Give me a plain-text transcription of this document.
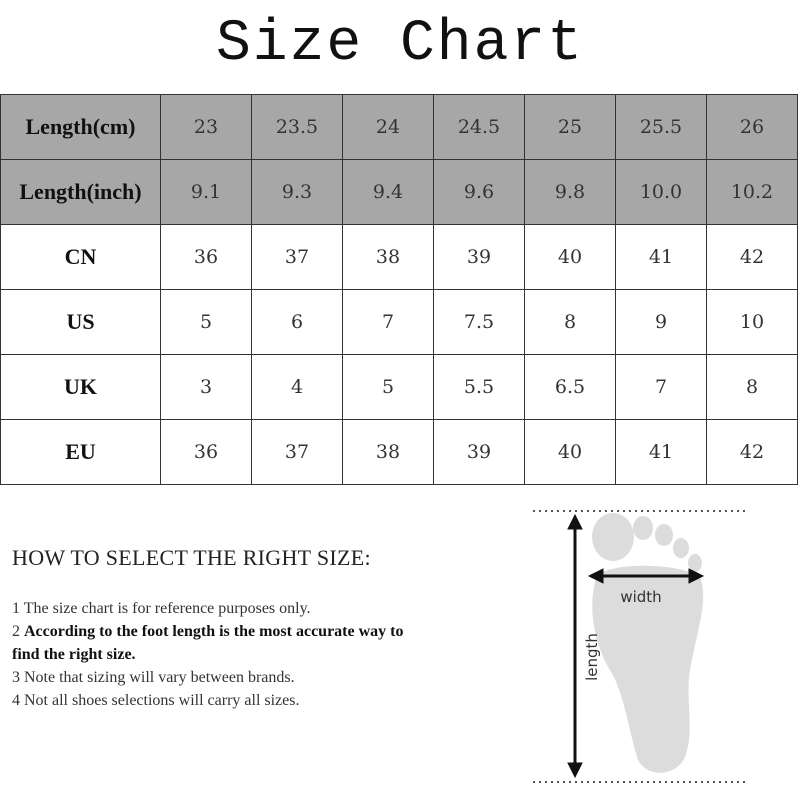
Size Chart
Length(cm)	23	23.5	24	24.5	25	25.5	26
Length(inch)	9.1	9.3	9.4	9.6	9.8	10.0	10.2
CN	36	37	38	39	40	41	42
US	5	6	7	7.5	8	9	10
UK	3	4	5	5.5	6.5	7	8
EU	36	37	38	39	40	41	42
HOW TO SELECT THE RIGHT SIZE:
1 The size chart is for reference purposes only.
2 According to the foot length is the most accurate way to find the right size.
3 Note that sizing will vary between brands.
4 Not all shoes selections will carry all sizes.
length
width
